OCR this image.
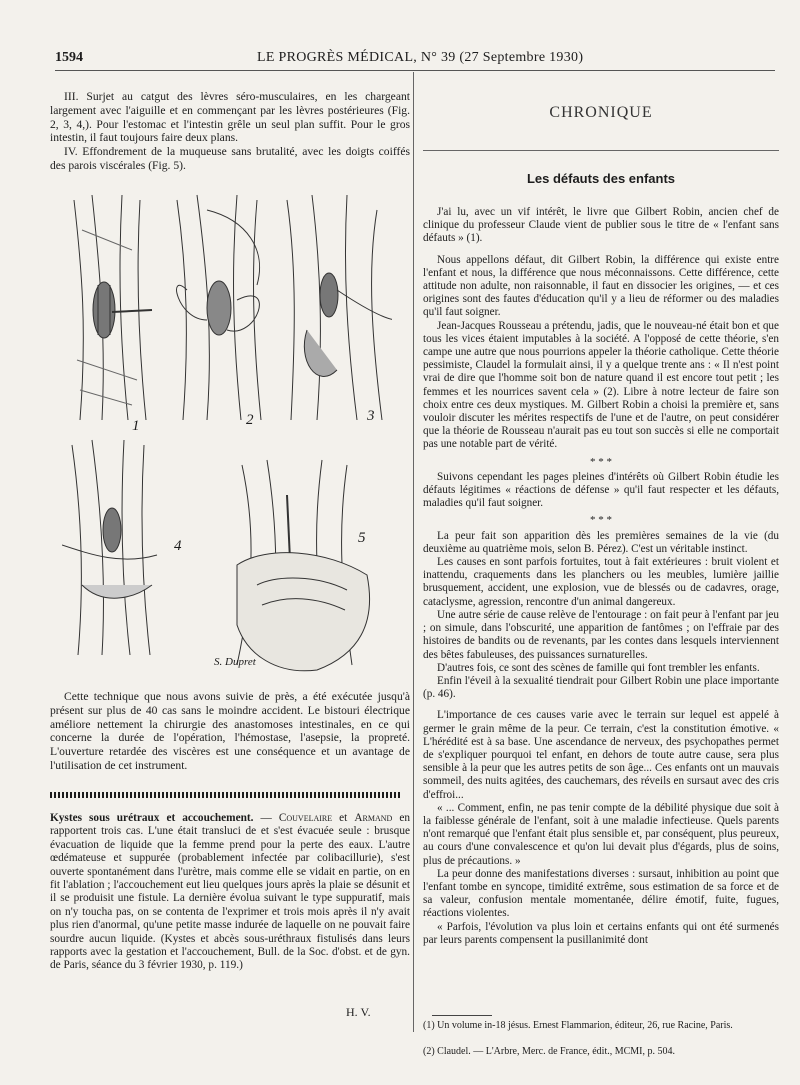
1594	LE PROGRÈS MÉDICAL, N° 39 (27 Septembre 1930)

III. Surjet au catgut des lèvres séro-musculaires, en les chargeant largement avec l'aiguille et en commençant par les lèvres postérieures (Fig. 2, 3, 4,). Pour l'estomac et l'intestin grêle un seul plan suffit. Pour le gros intestin, il faut toujours faire deux plans.

IV. Effondrement de la muqueuse sans brutalité, avec les doigts coiffés des parois viscérales (Fig. 5).

1	2	3
4	5
S. Dupret

Cette technique que nous avons suivie de près, a été exécutée jusqu'à présent sur plus de 40 cas sans le moindre accident. Le bistouri électrique améliore nettement la chirurgie des anastomoses intestinales, en ce qui concerne la durée de l'opération, l'hémostase, l'asepsie, la propreté. L'ouverture retardée des viscères est une conséquence et un avantage de l'utilisation de cet instrument.

Kystes sous urétraux et accouchement. — Couvelaire et Armand en rapportent trois cas. L'une était transluci de et s'est évacuée seule : brusque évacuation de liquide que la femme prend pour la perte des eaux. L'autre œdémateuse et suppurée (probablement infectée par colibacillurie), s'est ouverte spontanément dans l'urètre, mais comme elle se vidait en partie, on en fit l'ablation ; l'accouchement eut lieu quelques jours après la plaie se désunit et il se produisit une fistule. La dernière évolua suivant le type suppuratif, mais on n'y toucha pas, on se contenta de l'exprimer et trois mois après il n'y avait plus rien d'anormal, qu'une petite masse indurée de laquelle on ne pouvait faire sourdre aucun liquide. (Kystes et abcès sous-uréthraux fistulisés dans leurs rapports avec la gestation et l'accouchement, Bull. de la Soc. d'obst. et de gyn. de Paris, séance du 3 février 1930, p. 119.)

H. V.
CHRONIQUE
Les défauts des enfants

J'ai lu, avec un vif intérêt, le livre que Gilbert Robin, ancien chef de clinique du professeur Claude vient de publier sous le titre de « l'enfant sans défauts » (1).

Nous appellons défaut, dit Gilbert Robin, la différence qui existe entre l'enfant et nous, la différence que nous méconnaissons. Cette différence, cette attitude non adulte, non raisonnable, il faut en dissocier les origines, — et ces origines sont des fautes d'éducation qu'il y a lieu de réformer ou des maladies qu'il faut soigner.

Jean-Jacques Rousseau a prétendu, jadis, que le nouveau-né était bon et que tous les vices étaient imputables à la société. A l'opposé de cette théorie, s'en campe une autre que nous pourrions appeler la théorie catholique. Cette théorie pessimiste, Claudel la formulait ainsi, il y a quelque trente ans : « Il n'est point vrai de dire que l'homme soit bon de nature quand il est encore tout petit ; les femmes et les nourrices savent cela » (2). Libre à notre lecteur de faire son choix entre ces deux mystiques. M. Gilbert Robin a choisi la première et, sans vouloir discuter les mérites respectifs de l'une et de l'autre, on peut considérer que la théorie de Rousseau n'aurait pas eu tout son succès si elle ne comportait pas une notable part de vérité.

* * *

Suivons cependant les pages pleines d'intérêts où Gilbert Robin étudie les défauts légitimes « réactions de défense » qu'il faut respecter et les défauts, maladies qu'il faut soigner.

* * *

La peur fait son apparition dès les premières semaines de la vie (du deuxième au quatrième mois, selon B. Pérez). C'est un véritable instinct.

Les causes en sont parfois fortuites, tout à fait extérieures : bruit violent et inattendu, craquements dans les planchers ou les meubles, lumière jaillie brusquement, accident, une explosion, vue de blessés ou de cadavres, orage, cataclysme, agression, rencontre d'un animal dangereux.

Une autre série de cause relève de l'entourage : on fait peur à l'enfant par jeu ; on simule, dans l'obscurité, une apparition de fantômes ; on l'effraie par des histoires de bandits ou de revenants, par les contes dans lesquels interviennent des bêtes fabuleuses, des puissances surnaturelles.

D'autres fois, ce sont des scènes de famille qui font trembler les enfants.

Enfin l'éveil à la sexualité tiendrait pour Gilbert Robin une place importante (p. 46).

L'importance de ces causes varie avec le terrain sur lequel est appelé à germer le grain même de la peur. Ce terrain, c'est la constitution émotive. « L'hérédité est à sa base. Une ascendance de nerveux, des psychopathes permet de s'expliquer pourquoi tel enfant, en dehors de toute autre cause, sera plus sensible à la peur que les autres petits de son âge... Ces enfants ont un mauvais sommeil, des nuits agitées, des cauchemars, des réveils en sursaut avec des cris d'effroi...

« ... Comment, enfin, ne pas tenir compte de la débilité physique due soit à la faiblesse générale de l'enfant, soit à une maladie infectieuse. Quels parents n'ont remarqué que l'enfant était plus sensible et, par conséquent, plus peureux, au cours d'une convalescence et qu'on lui devait plus d'égards, plus de soins, plus de précautions. »

La peur donne des manifestations diverses : sursaut, inhibition au point que l'enfant tombe en syncope, timidité extrême, sous estimation de sa force et de sa valeur, confusion mentale momentanée, délire émotif, fuite, fugues, réactions violentes.

« Parfois, l'évolution va plus loin et certains enfants qui ont été surmenés par leurs parents compensent la pusillanimité dont

(1) Un volume in-18 jésus. Ernest Flammarion, éditeur, 26, rue Racine, Paris.
(2) Claudel. — L'Arbre, Merc. de France, édit., MCMI, p. 504.
